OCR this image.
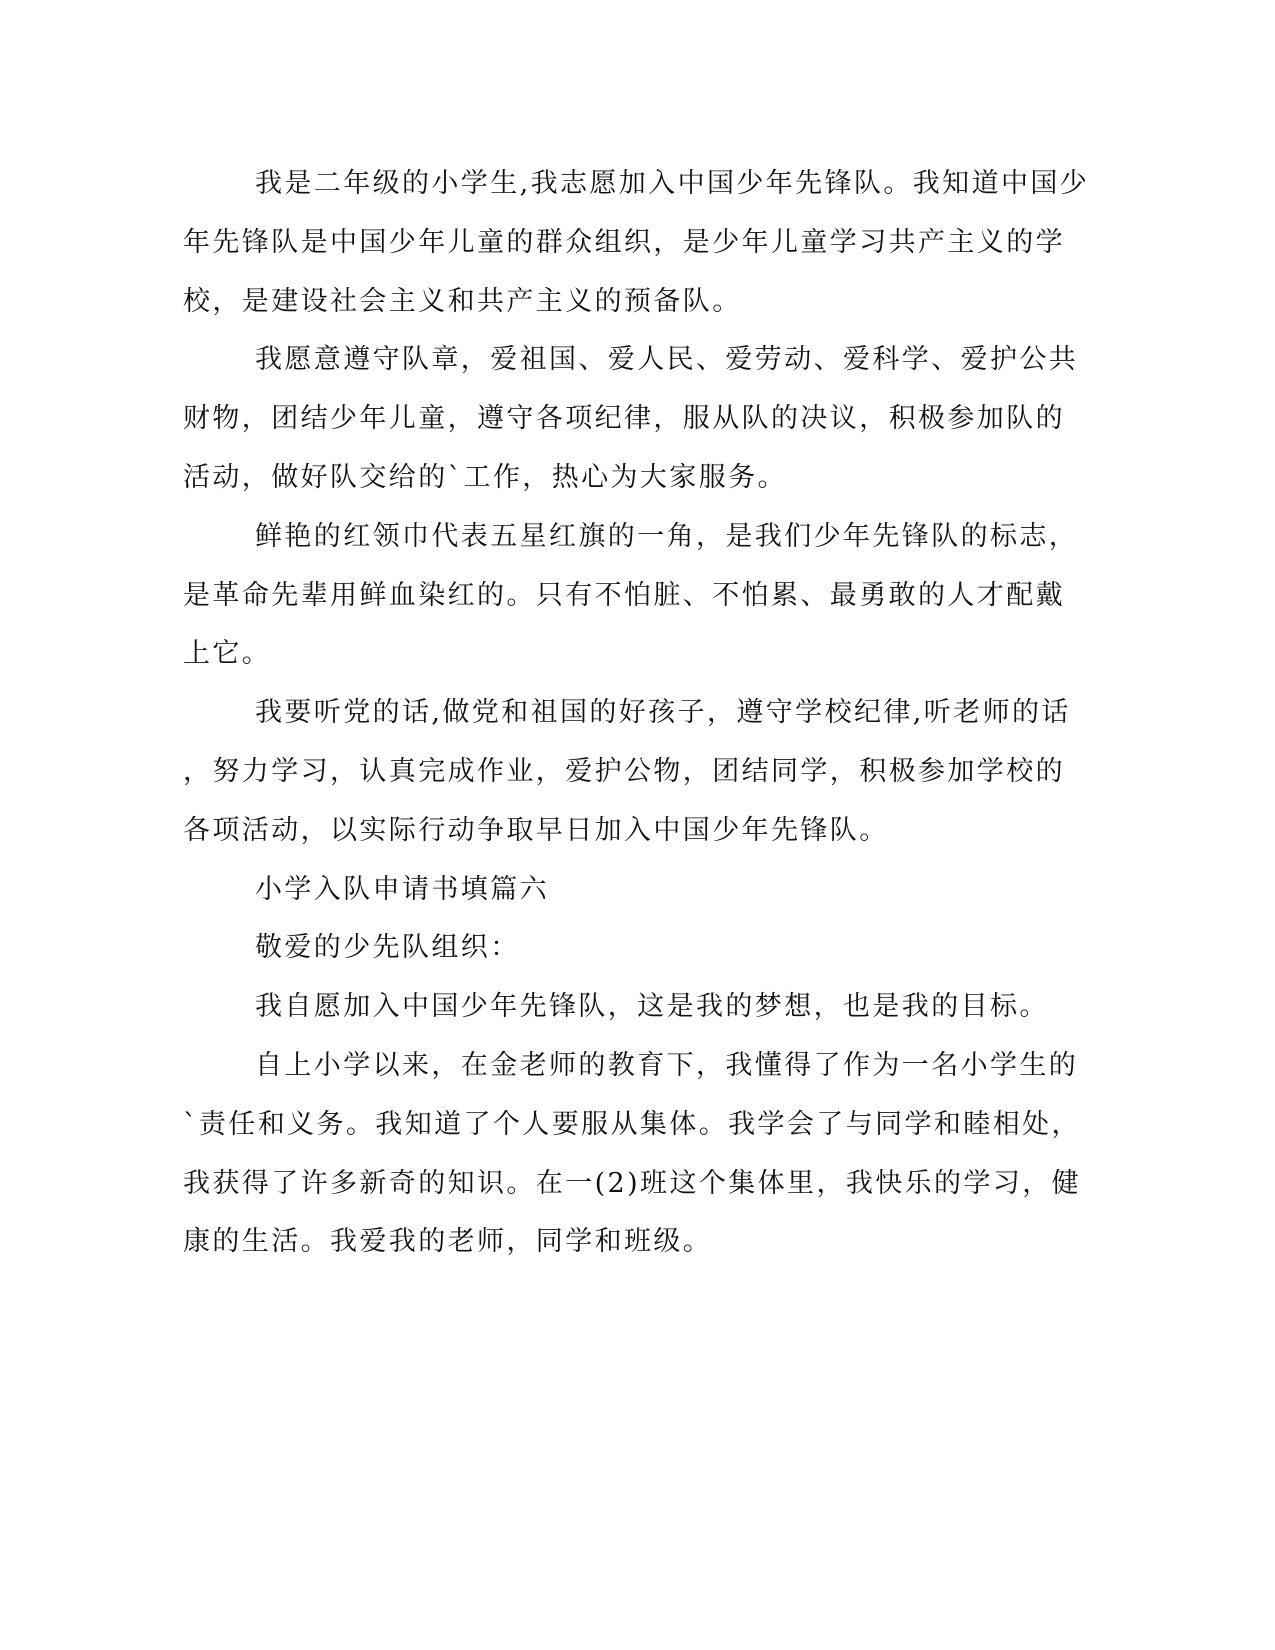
我是二年级的小学生,我志愿加入中国少年先锋队。我知道中国少
年先锋队是中国少年儿童的群众组织，是少年儿童学习共产主义的学
校，是建设社会主义和共产主义的预备队。
我愿意遵守队章，爱祖国、爱人民、爱劳动、爱科学、爱护公共
财物，团结少年儿童，遵守各项纪律，服从队的决议，积极参加队的
活动，做好队交给的`工作，热心为大家服务。
鲜艳的红领巾代表五星红旗的一角，是我们少年先锋队的标志，
是革命先辈用鲜血染红的。只有不怕脏、不怕累、最勇敢的人才配戴
上它。
我要听党的话,做党和祖国的好孩子，遵守学校纪律,听老师的话
，努力学习，认真完成作业，爱护公物，团结同学，积极参加学校的
各项活动，以实际行动争取早日加入中国少年先锋队。
小学入队申请书填篇六
敬爱的少先队组织：
我自愿加入中国少年先锋队，这是我的梦想，也是我的目标。
自上小学以来，在金老师的教育下，我懂得了作为一名小学生的
`责任和义务。我知道了个人要服从集体。我学会了与同学和睦相处，
我获得了许多新奇的知识。在一(2)班这个集体里，我快乐的学习，健
康的生活。我爱我的老师，同学和班级。
